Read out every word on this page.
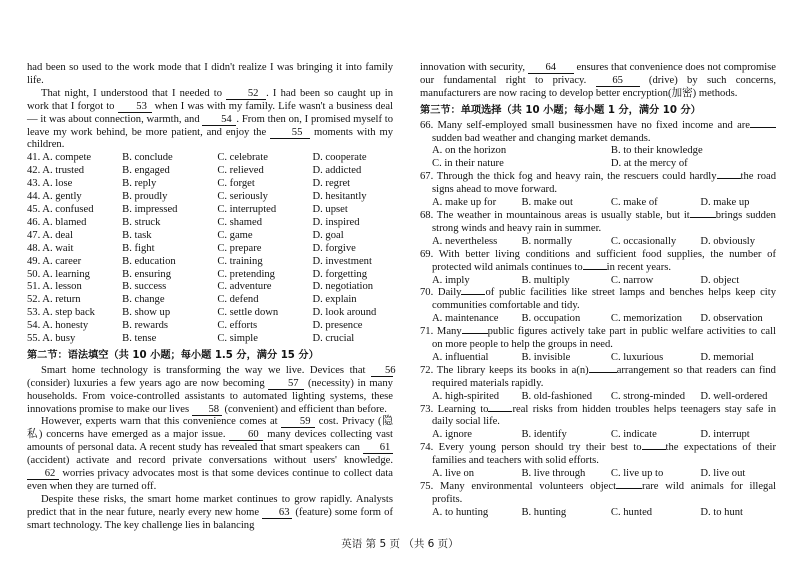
had been so used to the work mode that I didn't realize I was bringing it into family life.

That night, I understood that I needed to 52 . I had been so caught up in work that I forgot to 53 when I was with my family. Life wasn't a business deal — it was about connection, warmth, and 54 . From then on, I promised myself to leave my work behind, be more patient, and enjoy the 55 moments with my children.

41. A. compete	B. conclude	C. celebrate	D. cooperate
42. A. trusted	B. engaged	C. relieved	D. addicted
43. A. lose	B. reply	C. forget	D. regret
44. A. gently	B. proudly	C. seriously	D. hesitantly
45. A. confused	B. impressed	C. interrupted	D. upset
46. A. blamed	B. struck	C. shamed	D. inspired
47. A. deal	B. task	C. game	D. goal
48. A. wait	B. fight	C. prepare	D. forgive
49. A. career	B. education	C. training	D. investment
50. A. learning	B. ensuring	C. pretending	D. forgetting
51. A. lesson	B. success	C. adventure	D. negotiation
52. A. return	B. change	C. defend	D. explain
53. A. step back	B. show up	C. settle down	D. look around
54. A. honesty	B. rewards	C. efforts	D. presence
55. A. busy	B. tense	C. simple	D. crucial
第二节：语法填空（共 10 小题；每小题 1.5 分，满分 15 分）

Smart home technology is transforming the way we live. Devices that 56(consider) luxuries a few years ago are now becoming 57 (necessity) in many households. From voice-controlled assistants to automated lighting systems, these innovations promise to make our lives 58 (convenient) and efficient than before.

However, experts warn that this convenience comes at 59 cost. Privacy (隐私) concerns have emerged as a major issue. 60 many devices collecting vast amounts of personal data. A recent study has revealed that smart speakers can 61 (accident) activate and record private conversations without users' knowledge. 62 worries privacy advocates most is that some devices continue to collect data even when they are turned off.

Despite these risks, the smart home market continues to grow rapidly. Analysts predict that in the near future, nearly every new home 63 (feature) some form of smart technology. The key challenge lies in balancing

innovation with security, 64 ensures that convenience does not compromise our fundamental right to privacy. 65 (drive) by such concerns, manufacturers are now racing to develop better encryption(加密) methods.

第三节：单项选择（共 10 小题；每小题 1 分，满分 10 分）

66. Many self-employed small businessmen have no fixed income and are sudden bad weather and changing market demands.

A. on the horizon	B. to their knowledge
C. in their nature	D. at the mercy of

67. Through the thick fog and heavy rain, the rescuers could hardly the road signs ahead to move forward.

A. make up for	B. make out	C. make of	D. make up

68. The weather in mountainous areas is usually stable, but it brings sudden strong winds and heavy rain in summer.

A. nevertheless	B. normally	C. occasionally	D. obviously

69. With better living conditions and sufficient food supplies, the number of protected wild animals continues to in recent years.

A. imply	B. multiply	C. narrow	D. object

70. Daily of public facilities like street lamps and benches helps keep city communities comfortable and tidy.

A. maintenance	B. occupation	C. memorization	D. observation

71. Many public figures actively take part in public welfare activities to call on more people to help the groups in need.

A. influential	B. invisible	C. luxurious	D. memorial

72. The library keeps its books in a(n)	arrangement so that readers can find required materials rapidly.

A. high-spirited	B. old-fashioned	C. strong-minded	D. well-ordered

73. Learning to real risks from hidden troubles helps teenagers stay safe in daily social life.

A. ignore	B. identify	C. indicate	D. interrupt

74. Every young person should try their best to the expectations of their families and teachers with solid efforts.

A. live on	B. live through	C. live up to	D. live out

75. Many environmental volunteers object rare wild animals for illegal profits.

A. to hunting	B. hunting	C. hunted	D. to hunt
英语 第 5 页 （共 6 页）
